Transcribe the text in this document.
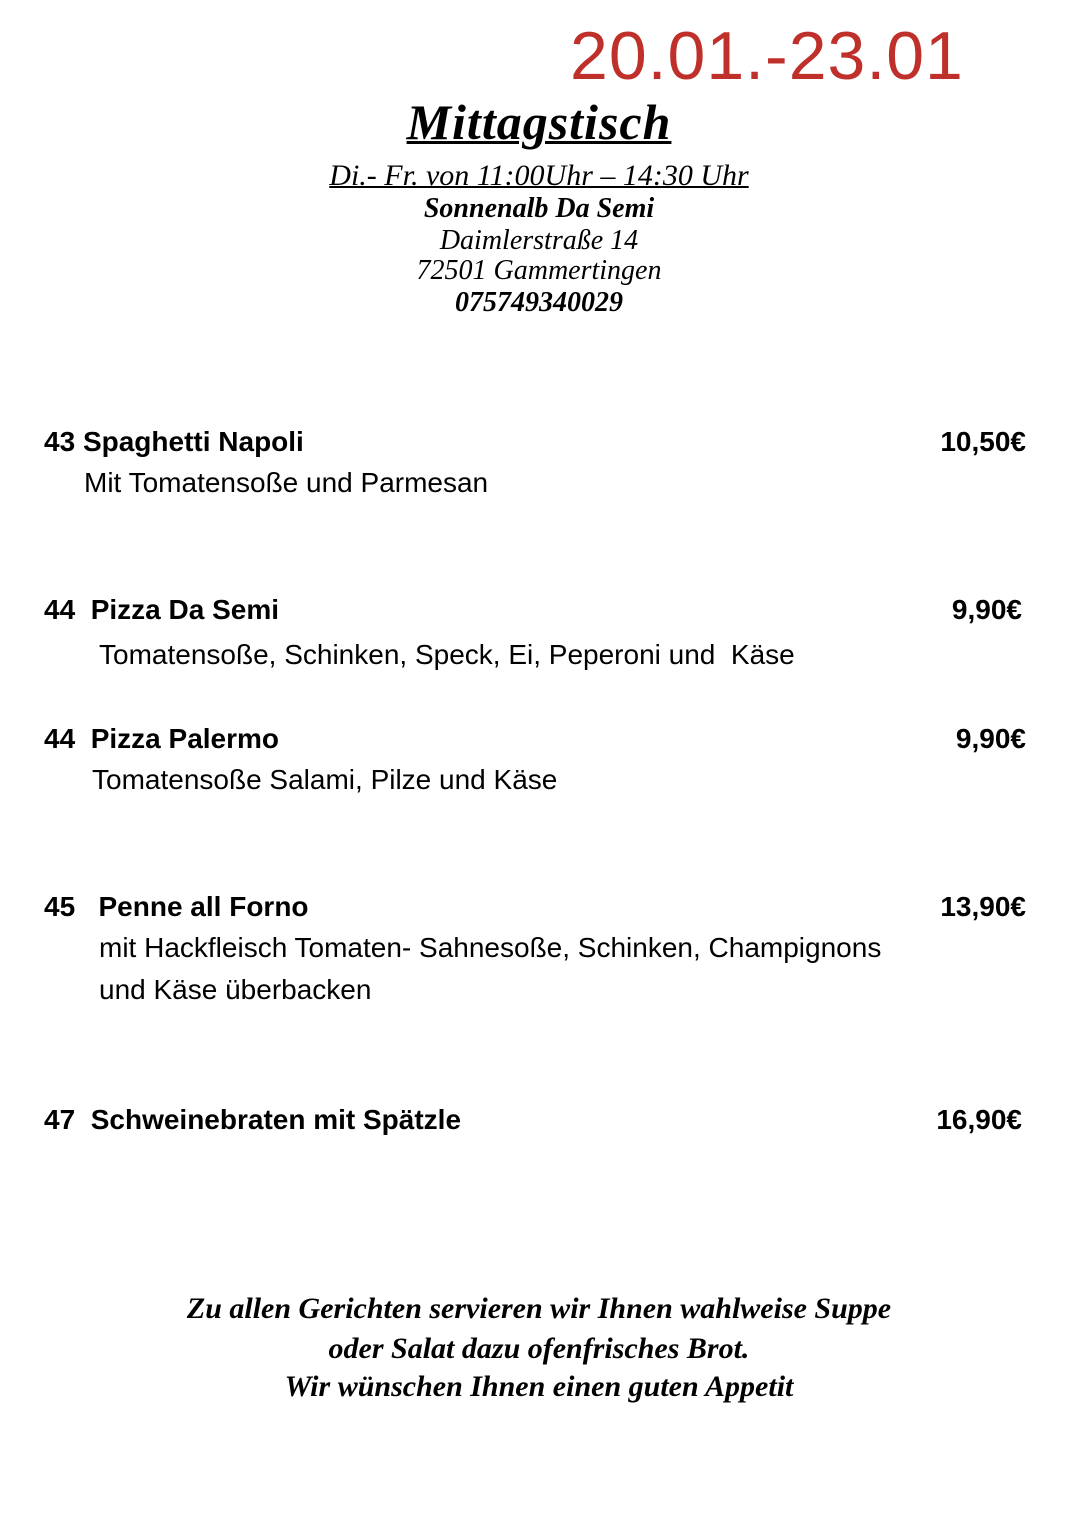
20.01.-23.01
Mittagstisch
Di.- Fr. von 11:00Uhr – 14:30 Uhr
Sonnenalb Da Semi
Daimlerstraße 14
72501 Gammertingen
075749340029
43 Spaghetti Napoli	10,50€
Mit Tomatensoße und Parmesan
44 Pizza Da Semi	9,90€
Tomatensoße, Schinken, Speck, Ei, Peperoni und  Käse
44 Pizza Palermo	9,90€
Tomatensoße Salami, Pilze und Käse
45 Penne all Forno	13,90€
mit Hackfleisch Tomaten- Sahnesoße, Schinken, Champignons
und Käse überbacken
47 Schweinebraten mit Spätzle	16,90€
Zu allen Gerichten servieren wir Ihnen wahlweise Suppe
oder Salat dazu ofenfrisches Brot.
Wir wünschen Ihnen einen guten Appetit
